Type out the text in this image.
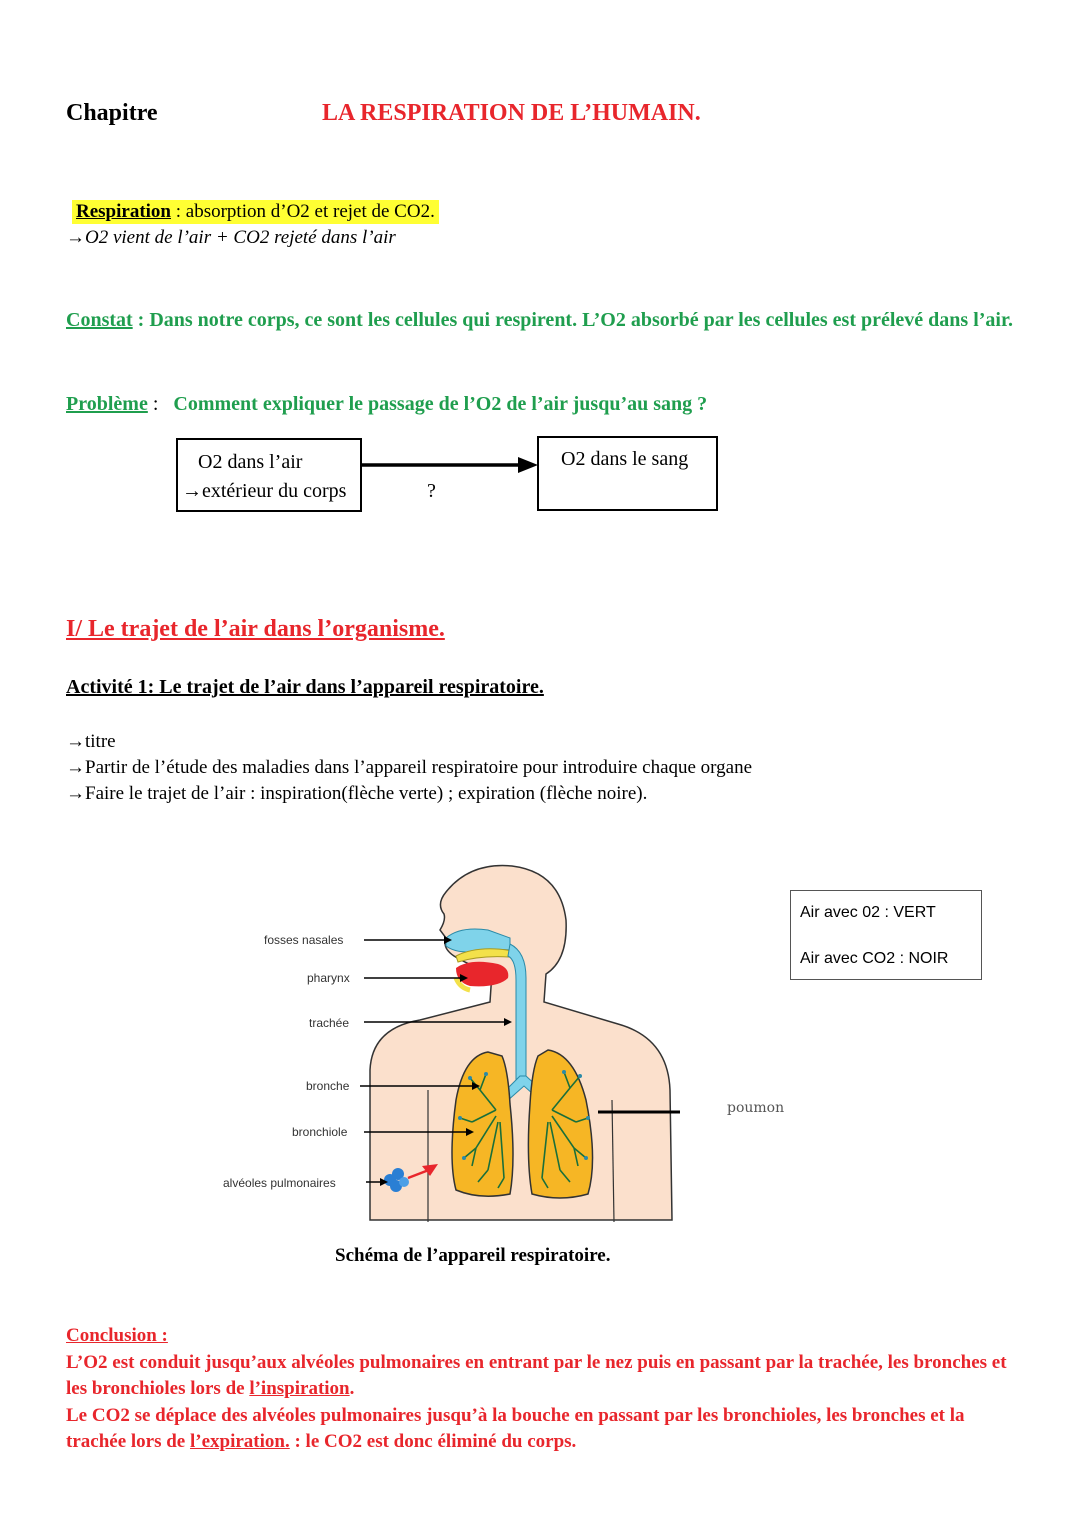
Chapitre	LA RESPIRATION DE L’HUMAIN.
Respiration : absorption d’O2 et rejet de CO2.
→O2 vient de l’air + CO2 rejeté dans l’air
Constat : Dans notre corps, ce sont les cellules qui respirent. L’O2 absorbé par les cellules est prélevé dans l’air.
Problème :   Comment expliquer le passage de l’O2 de l’air jusqu’au sang ?
O2 dans l’air
→extérieur du corps	?
O2 dans le sang
I/ Le trajet de l’air dans l’organisme.
Activité 1: Le trajet de l’air dans l’appareil respiratoire.
→titre
→Partir de l’étude des maladies dans l’appareil respiratoire pour introduire chaque organe
→Faire le trajet de l’air : inspiration(flèche verte) ; expiration (flèche noire).
Air avec 02 : VERT
Air avec CO2 : NOIR
fosses nasales
pharynx
trachée
bronche
bronchiole
alvéoles pulmonaires
poumon
Schéma de l’appareil respiratoire.
Conclusion :
L’O2 est conduit jusqu’aux alvéoles pulmonaires en entrant par le nez puis en passant par la trachée, les bronches et les bronchioles lors de l’inspiration.
Le CO2 se déplace des alvéoles pulmonaires jusqu’à la bouche en passant par les bronchioles, les bronches et la trachée lors de l’expiration. : le CO2 est donc éliminé du corps.
